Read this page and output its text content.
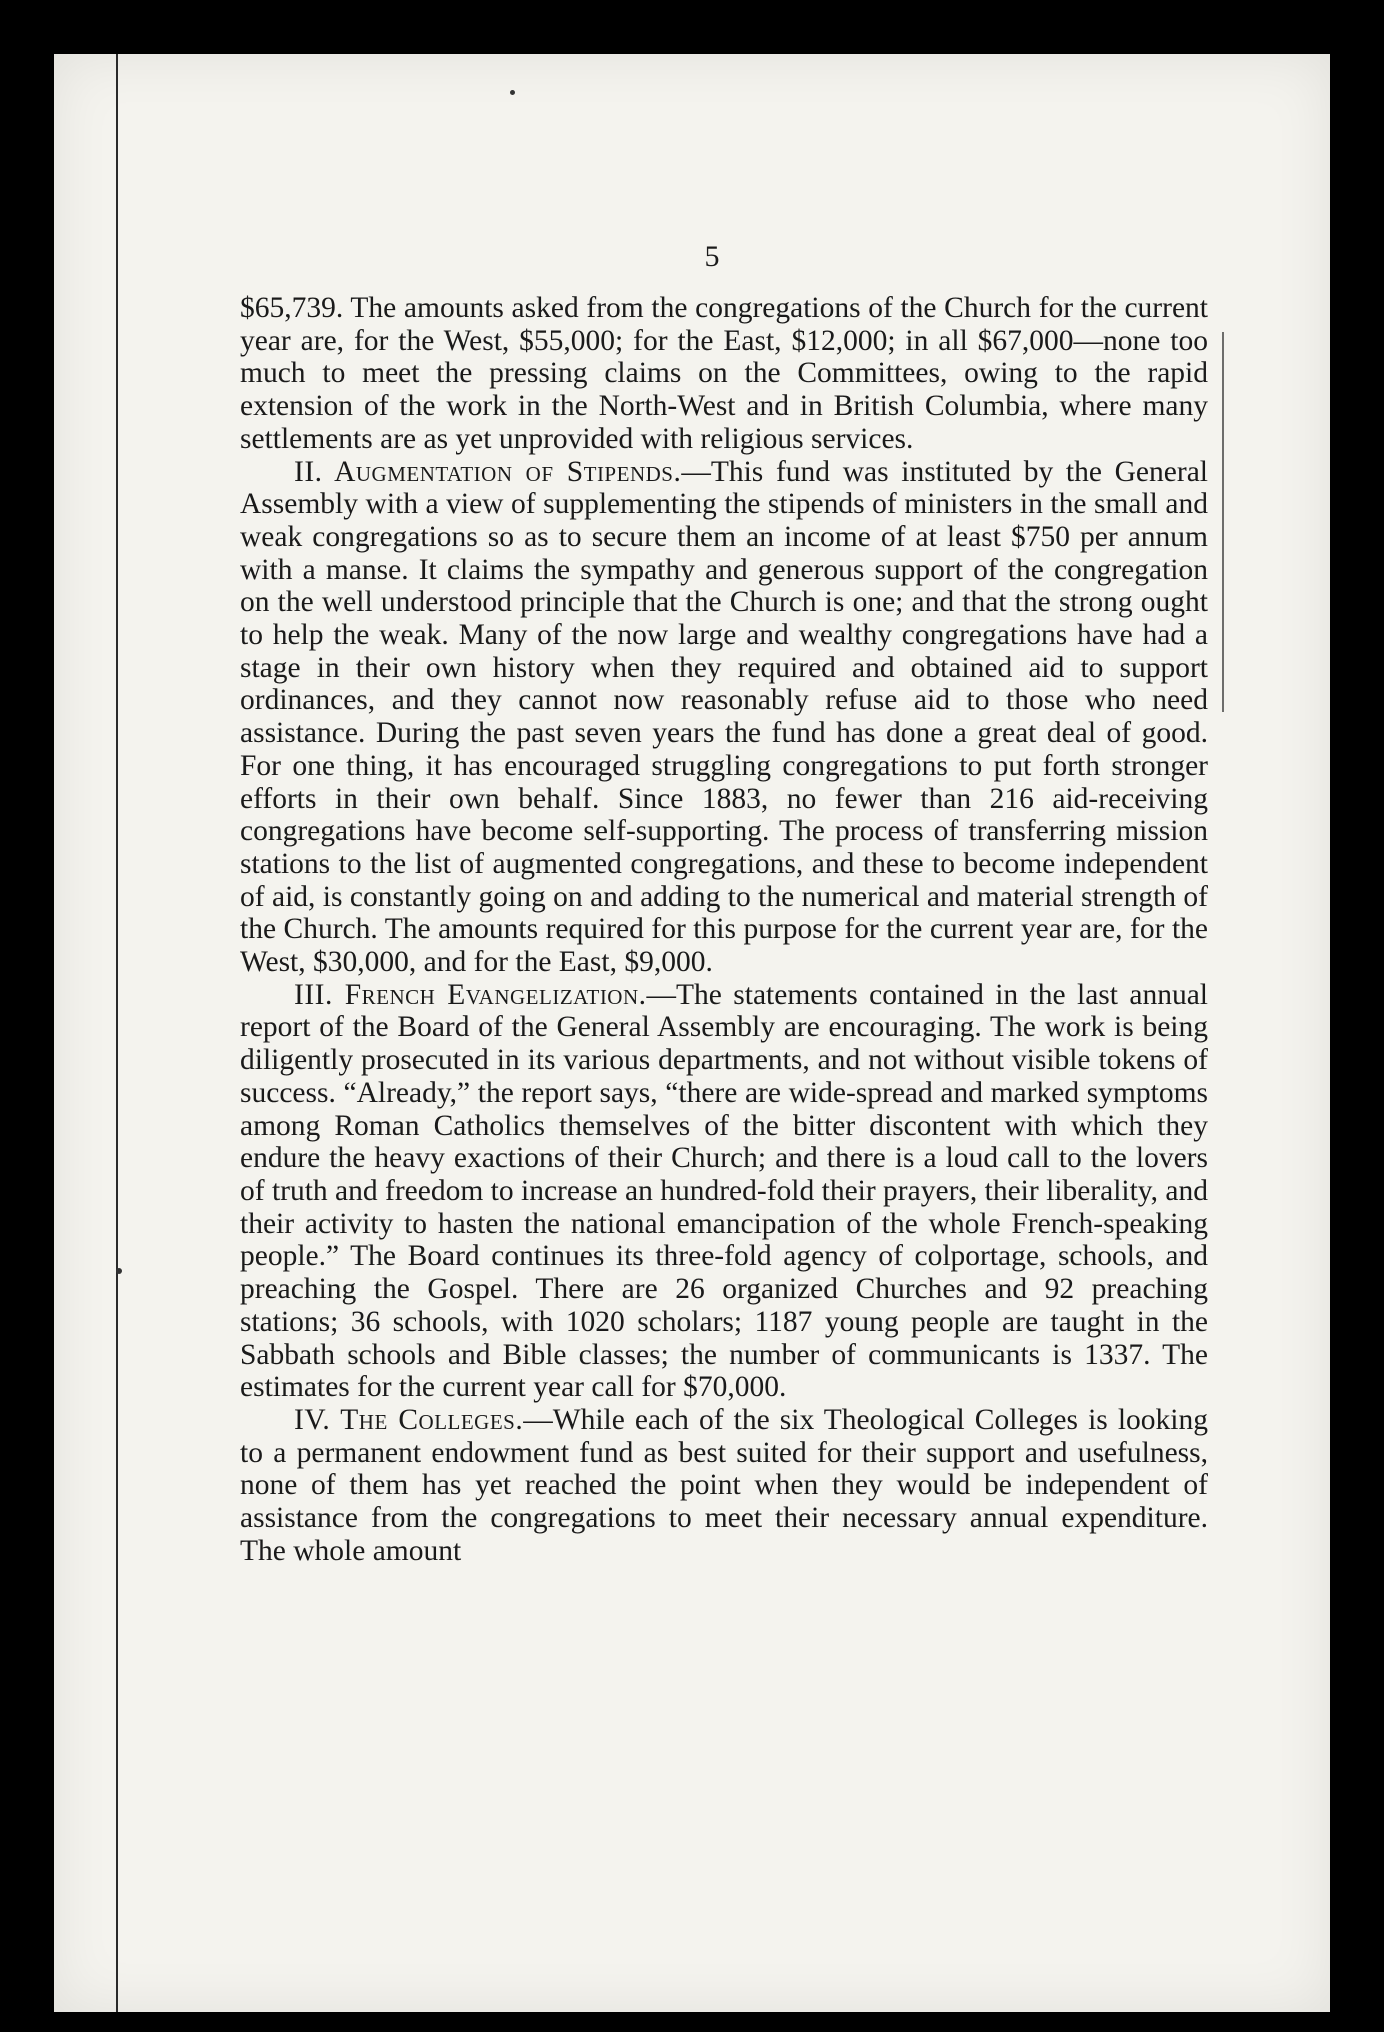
5

$65,739. The amounts asked from the congregations of the Church for the current year are, for the West, $55,000; for the East, $12,000; in all $67,000—none too much to meet the pressing claims on the Committees, owing to the rapid extension of the work in the North-West and in British Columbia, where many settlements are as yet unprovided with religious services.

II. Augmentation of Stipends.—This fund was instituted by the General Assembly with a view of supplementing the stipends of ministers in the small and weak congregations so as to secure them an income of at least $750 per annum with a manse. It claims the sympathy and generous support of the congregation on the well understood principle that the Church is one; and that the strong ought to help the weak. Many of the now large and wealthy congregations have had a stage in their own history when they required and obtained aid to support ordinances, and they cannot now reasonably refuse aid to those who need assistance. During the past seven years the fund has done a great deal of good. For one thing, it has encouraged struggling congregations to put forth stronger efforts in their own behalf. Since 1883, no fewer than 216 aid-receiving congregations have become self-supporting. The process of transferring mission stations to the list of augmented congregations, and these to become independent of aid, is constantly going on and adding to the numerical and material strength of the Church. The amounts required for this purpose for the current year are, for the West, $30,000, and for the East, $9,000.

III. French Evangelization.—The statements contained in the last annual report of the Board of the General Assembly are encouraging. The work is being diligently prosecuted in its various departments, and not without visible tokens of success. “Already,” the report says, “there are wide-spread and marked symptoms among Roman Catholics themselves of the bitter discontent with which they endure the heavy exactions of their Church; and there is a loud call to the lovers of truth and freedom to increase an hundred-fold their prayers, their liberality, and their activity to hasten the national emancipation of the whole French-speaking people.” The Board continues its three-fold agency of colportage, schools, and preaching the Gospel. There are 26 organized Churches and 92 preaching stations; 36 schools, with 1020 scholars; 1187 young people are taught in the Sabbath schools and Bible classes; the number of communicants is 1337. The estimates for the current year call for $70,000.

IV. The Colleges.—While each of the six Theological Colleges is looking to a permanent endowment fund as best suited for their support and usefulness, none of them has yet reached the point when they would be independent of assistance from the congregations to meet their necessary annual expenditure. The whole amount
